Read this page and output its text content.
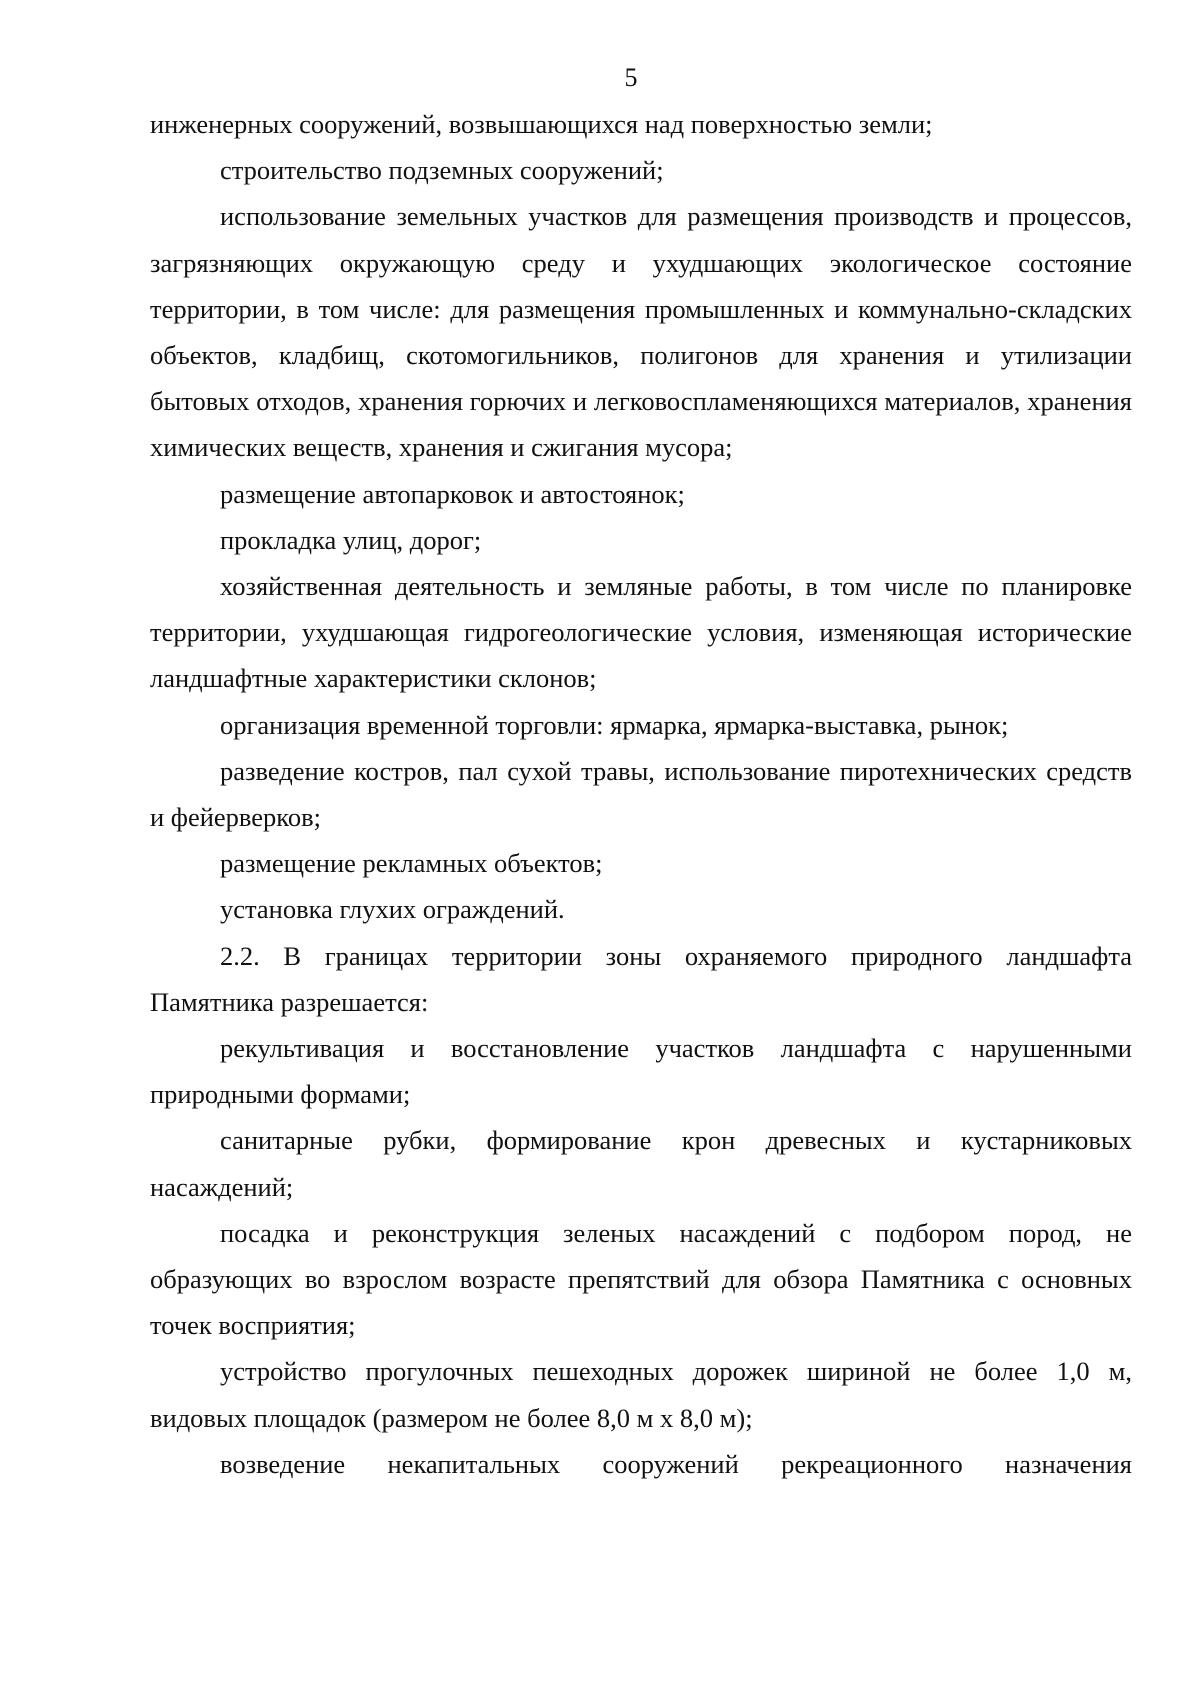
5

инженерных сооружений, возвышающихся над поверхностью земли;

строительство подземных сооружений;

использование земельных участков для размещения производств и процессов, загрязняющих окружающую среду и ухудшающих экологическое состояние территории, в том числе: для размещения промышленных и коммунально-складских объектов, кладбищ, скотомогильников, полигонов для хранения и утилизации бытовых отходов, хранения горючих и легковоспламеняющихся материалов, хранения химических веществ, хранения и сжигания мусора;

размещение автопарковок и автостоянок;

прокладка улиц, дорог;

хозяйственная деятельность и земляные работы, в том числе по планировке территории, ухудшающая гидрогеологические условия, изменяющая исторические ландшафтные характеристики склонов;

организация временной торговли: ярмарка, ярмарка-выставка, рынок;

разведение костров, пал сухой травы, использование пиротехнических средств и фейерверков;

размещение рекламных объектов;

установка глухих ограждений.

2.2. В границах территории зоны охраняемого природного ландшафта Памятника разрешается:

рекультивация и восстановление участков ландшафта с нарушенными природными формами;

санитарные рубки, формирование крон древесных и кустарниковых насаждений;

посадка и реконструкция зеленых насаждений с подбором пород, не образующих во взрослом возрасте препятствий для обзора Памятника с основных точек восприятия;

устройство прогулочных пешеходных дорожек шириной не более 1,0 м, видовых площадок (размером не более 8,0 м х 8,0 м);

возведение некапитальных сооружений рекреационного назначения
